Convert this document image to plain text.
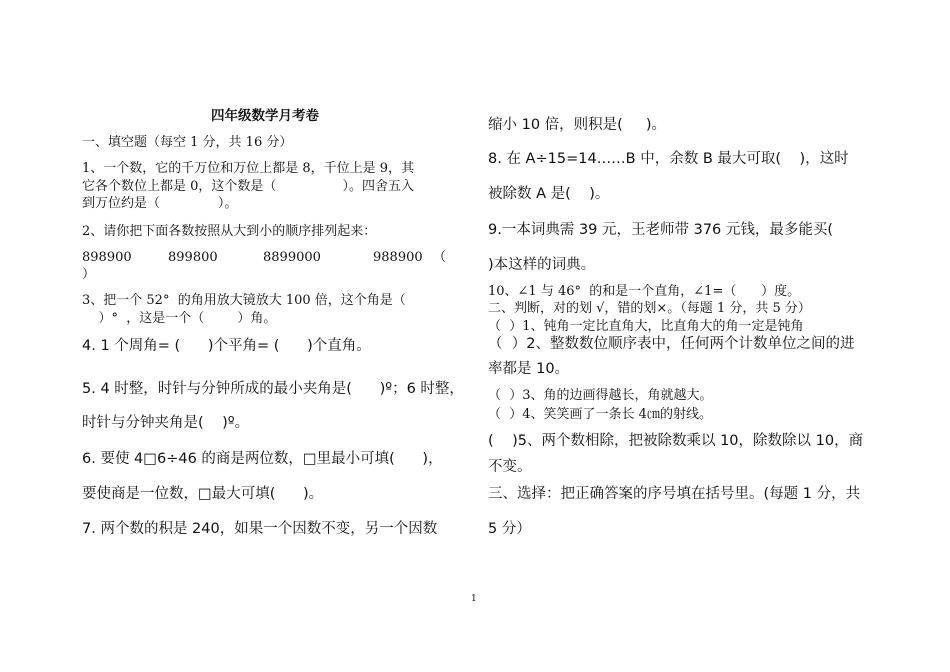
四年级数学月考卷
一、填空题（每空 1 分，共 16 分）
1、一个数，它的千万位和万位上都是 8，千位上是 9，其
它各个数位上都是 0，这个数是（                ）。四舍五入
到万位约是（              ）。
2、请你把下面各数按照从大到小的顺序排列起来：
898900	899800	8899000	988900 （
）
3、把一个 52°  的角用放大镜放大 100 倍，这个角是（
）°  ，这是一个（        ）角。
4. 1 个周角= (      )个平角= (      )个直角。
5. 4 时整，时针与分钟所成的最小夹角是(      )º；6 时整，
时针与分钟夹角是(    )º。
6. 要使 4□6÷46 的商是两位数，□里最小可填(      )，
要使商是一位数，□最大可填(      )。
7. 两个数的积是 240，如果一个因数不变，另一个因数
缩小 10 倍，则积是(     )。
8. 在 A÷15=14……B 中，余数 B 最大可取(    )，这时
被除数 A 是(    )。
9.一本词典需 39 元，王老师带 376 元钱，最多能买(
)本这样的词典。
10、∠1 与 46°  的和是一个直角，∠1=（      ）度。
二、判断，对的划 √，错的划×。（每题 1 分，共 5 分）
（  ）1、钝角一定比直角大，比直角大的角一定是钝角
（  ）2、整数数位顺序表中，任何两个计数单位之间的进
率都是 10。
（  ）3、角的边画得越长，角就越大。
（  ）4、笑笑画了一条长 4㎝的射线。
(    )5、两个数相除，把被除数乘以 10，除数除以 10，商
不变。
三、选择：把正确答案的序号填在括号里。(每题 1 分，共
5 分）
1
